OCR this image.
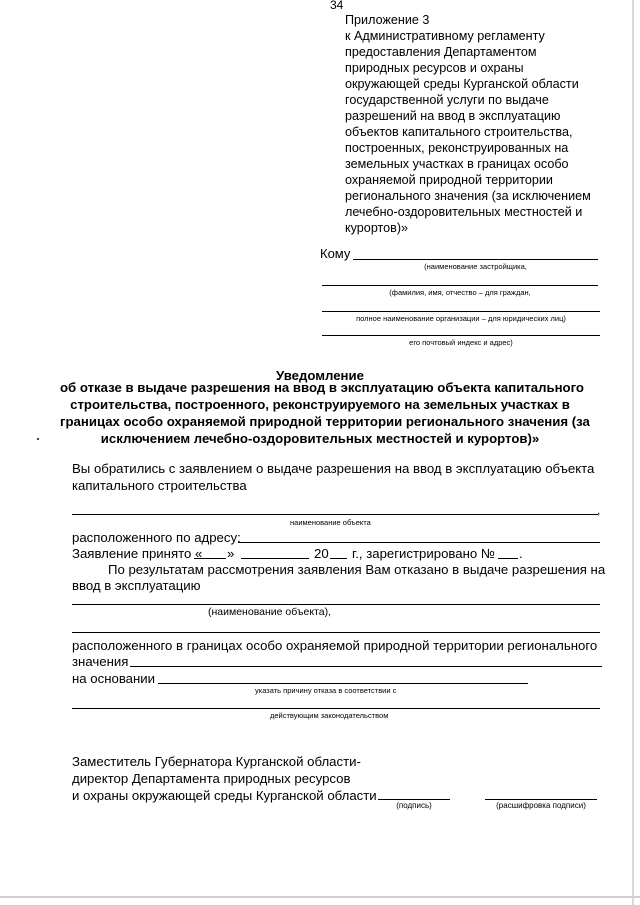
34
Приложение 3
к Административному регламенту
предоставления Департаментом
природных ресурсов и охраны
окружающей среды Курганской области
государственной услуги по выдаче
разрешений на ввод в эксплуатацию
объектов капитального строительства,
построенных, реконструированных на
земельных участках в границах особо
охраняемой природной территории
регионального значения (за исключением
лечебно-оздоровительных местностей и
курортов)»
Кому
(наименование застройщика,
(фамилия, имя, отчество – для граждан,
полное наименование организации – для юридических лиц)
его почтовый индекс и адрес)
Уведомление
об отказе в выдаче разрешения на ввод в эксплуатацию объекта капитального
строительства, построенного, реконструируемого на земельных участках в
границах особо охраняемой природной территории регионального значения (за
исключением лечебно-оздоровительных местностей и курортов)»
Вы обратились с заявлением о выдаче разрешения на ввод в эксплуатацию объекта
капитального строительства
,
наименование объекта
расположенного по адресу:
Заявление принято « »	20 г., зарегистрировано № .
По результатам рассмотрения заявления Вам отказано в выдаче разрешения на
ввод в эксплуатацию
(наименование объекта),
расположенного в границах особо охраняемой природной территории регионального
значения
на основании
указать причину отказа в соответствии с
действующим законодательством
Заместитель Губернатора Курганской области-
директор Департамента природных ресурсов
и охраны окружающей среды Курганской области
(подпись)	(расшифровка подписи)
